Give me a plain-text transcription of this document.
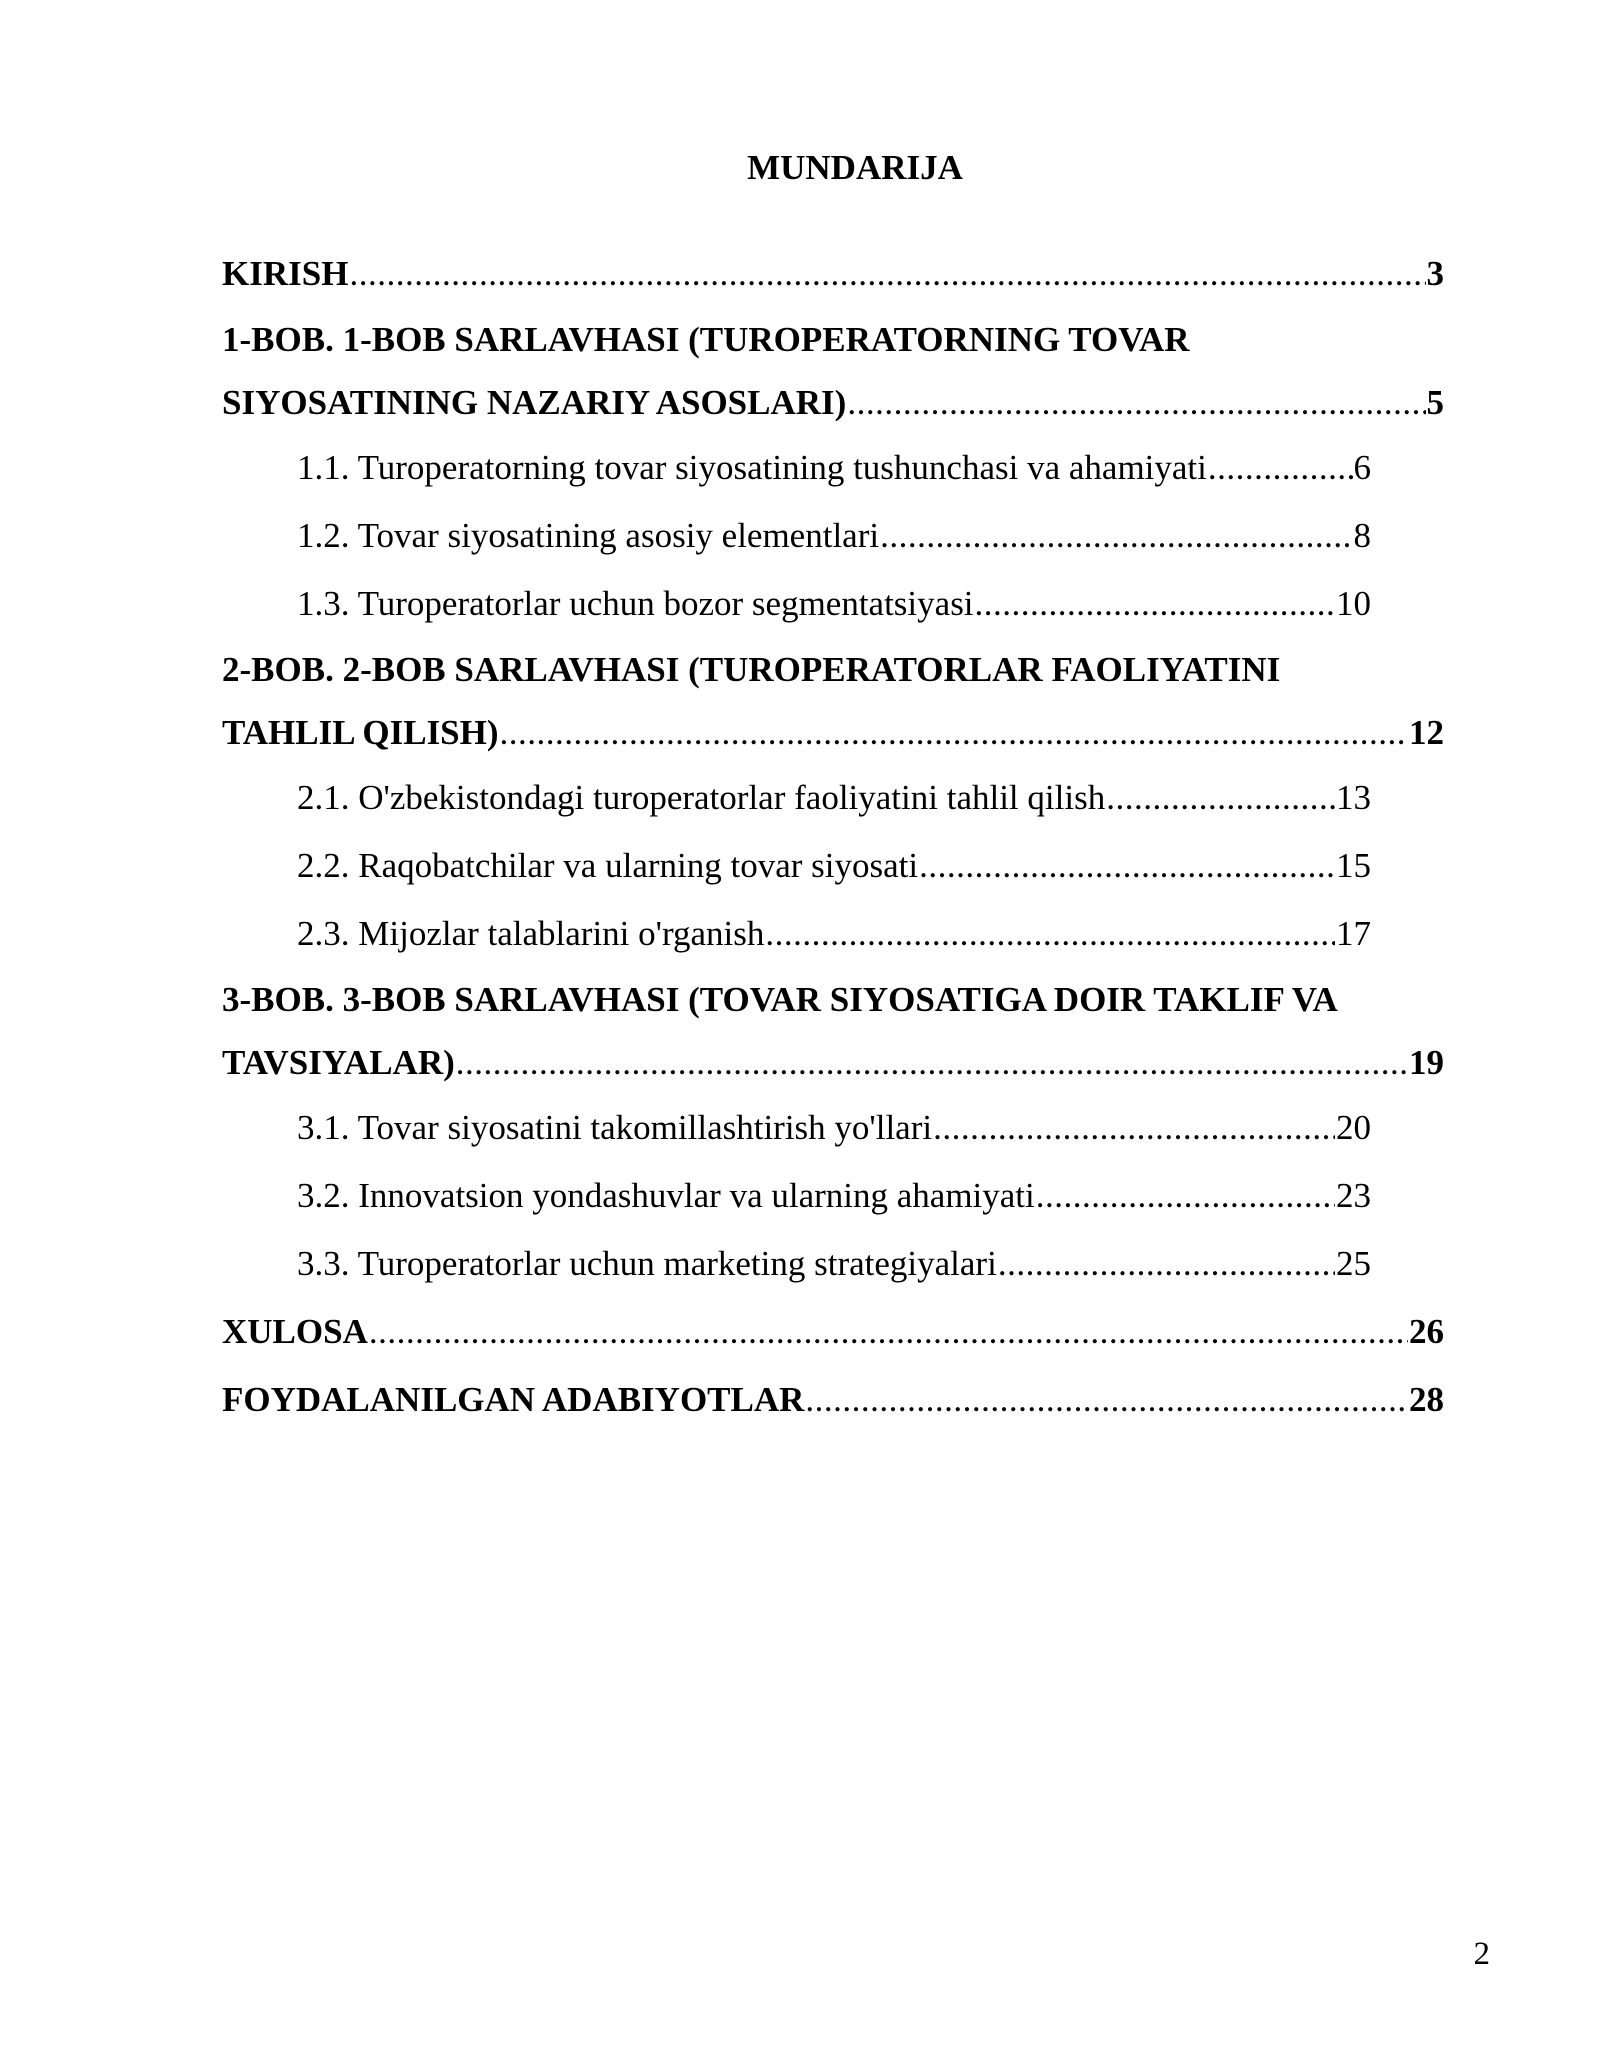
MUNDARIJA
KIRISH .....	3
1-BOB. 1-BOB SARLAVHASI (TUROPERATORNING TOVAR
SIYOSATINING NAZARIY ASOSLARI) .....	5
1.1. Turoperatorning tovar siyosatining tushunchasi va ahamiyati .....	6
1.2. Tovar siyosatining asosiy elementlari .....	8
1.3. Turoperatorlar uchun bozor segmentatsiyasi .....	10
2-BOB. 2-BOB SARLAVHASI (TUROPERATORLAR FAOLIYATINI
TAHLIL QILISH) .....	12
2.1. O'zbekistondagi turoperatorlar faoliyatini tahlil qilish .....	13
2.2. Raqobatchilar va ularning tovar siyosati .....	15
2.3. Mijozlar talablarini o'rganish .....	17
3-BOB. 3-BOB SARLAVHASI (TOVAR SIYOSATIGA DOIR TAKLIF VA
TAVSIYALAR) .....	19
3.1. Tovar siyosatini takomillashtirish yo'llari .....	20
3.2. Innovatsion yondashuvlar va ularning ahamiyati .....	23
3.3. Turoperatorlar uchun marketing strategiyalari .....	25
XULOSA .....	26
FOYDALANILGAN ADABIYOTLAR .....	28
2
